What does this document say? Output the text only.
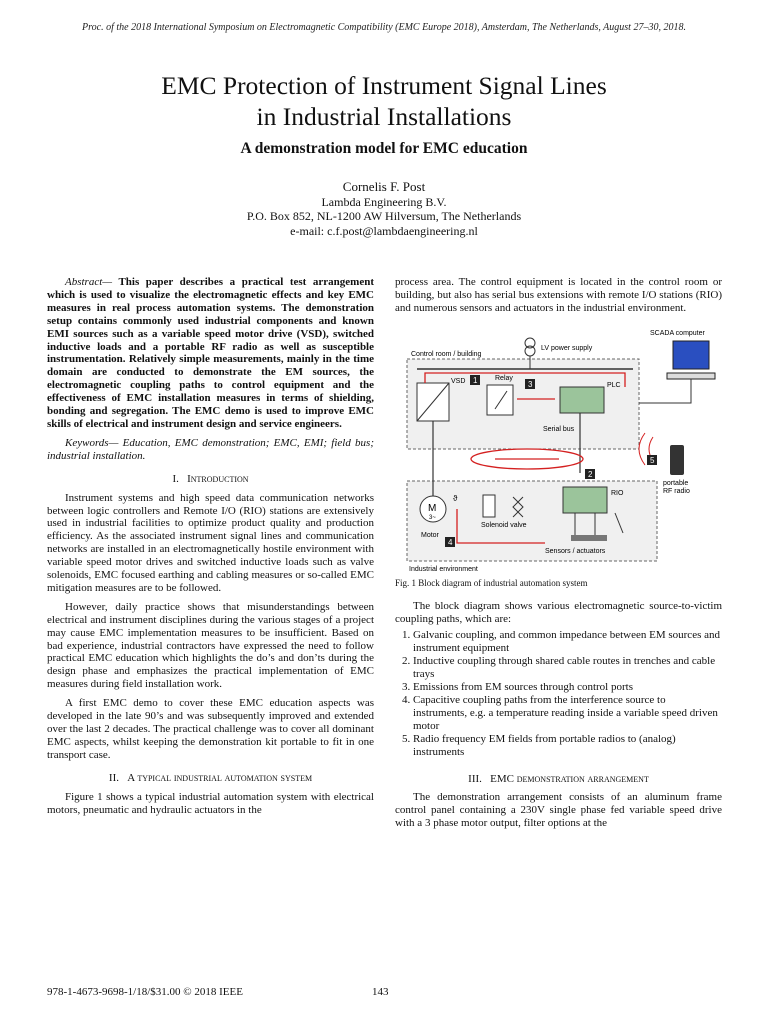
Proc. of the 2018 International Symposium on Electromagnetic Compatibility (EMC Europe 2018), Amsterdam, The Netherlands, August 27–30, 2018.
EMC Protection of Instrument Signal Lines
in Industrial Installations
A demonstration model for EMC education
Cornelis F. Post
Lambda Engineering B.V.
P.O. Box 852, NL-1200 AW Hilversum, The Netherlands
e-mail: c.f.post@lambdaengineering.nl

Abstract— This paper describes a practical test arrangement which is used to visualize the electromagnetic effects and key EMC measures in real process automation systems. The demonstration setup contains commonly used industrial components and known EMI sources such as a variable speed motor drive (VSD), switched inductive loads and a portable RF radio as well as susceptible instrumentation. Relatively simple measurements, mainly in the time domain are conducted to demonstrate the EM sources, the electromagnetic coupling paths to control equipment and the effectiveness of EMC installation measures in terms of shielding, bonding and segregation. The EMC demo is used to improve EMC skills of electrical and instrument design and service engineers.

Keywords— Education, EMC demonstration; EMC, EMI; field bus; industrial installation.

I. Introduction

Instrument systems and high speed data communication networks between logic controllers and Remote I/O (RIO) stations are extensively used in industrial facilities to optimize product quality and production efficiency. As the associated instrument signal lines and communication networks are installed in an electromagnetically hostile environment with variable speed motor drives and switched inductive loads such as valve solenoids, EMC focused earthing and cabling measures or so-called EMC mitigation measures are to be followed.

However, daily practice shows that misunderstandings between electrical and instrument disciplines during the various stages of a project may cause EMC implementation measures to be insufficient. Based on bad experience, industrial contractors have expressed the need to follow practical EMC education which highlights the do’s and don’ts during the design phase and emphasizes the practical implementation of EMC measures during field installation work.

A first EMC demo to cover these EMC education aspects was developed in the late 90’s and was subsequently improved and extended over the last 2 decades. The practical challenge was to cover all dominant EMC aspects, whilst keeping the demonstration kit portable to fit in one transport case.

II. A typical industrial automation system

Figure 1 shows a typical industrial automation system with electrical motors, pneumatic and hydraulic actuators in the

process area. The control equipment is located in the control room or building, but also has serial bus extensions with remote I/O stations (RIO) and numerous sensors and actuators in the industrial environment.

Control room / building
LV power supply
VSD 1	Relay
3	PLC
Serial bus
SCADA computer
2
5
portable
RF radio
Industrial environment
M
3~
Motor
ϑ
Solenoid valve
RIO
Sensors / actuators
4

Fig. 1 Block diagram of industrial automation system

The block diagram shows various electromagnetic source-to-victim coupling paths, which are:

1. Galvanic coupling, and common impedance between EM sources and instrument equipment
2. Inductive coupling through shared cable routes in trenches and cable trays
3. Emissions from EM sources through control ports
4. Capacitive coupling paths from the interference source to instruments, e.g. a temperature reading inside a variable speed driven motor
5. Radio frequency EM fields from portable radios to (analog) instruments
III. EMC demonstration arrangement

The demonstration arrangement consists of an aluminum frame control panel containing a 230V single phase fed variable speed drive with a 3 phase motor output, filter options at the

978-1-4673-9698-1/18/$31.00 © 2018 IEEE	143
